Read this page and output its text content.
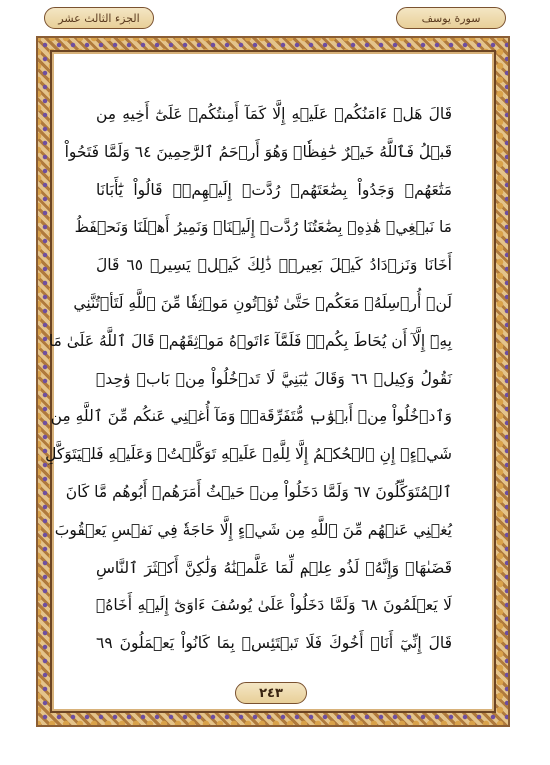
الجزء الثالث عشر	سورة يوسف
قَالَ هَلۡ ءَامَنُكُمۡ عَلَيۡهِ إِلَّا كَمَآ أَمِنتُكُمۡ عَلَىٰٓ أَخِيهِ مِن
قَبۡلُ فَٱللَّهُ خَيۡرٌ حَٰفِظٗاۖ وَهُوَ أَرۡحَمُ ٱلرَّٰحِمِينَ ٦٤ وَلَمَّا فَتَحُواْ
مَتَٰعَهُمۡ وَجَدُواْ بِضَٰعَتَهُمۡ رُدَّتۡ إِلَيۡهِمۡۖ قَالُواْ يَٰٓأَبَانَا
مَا نَبۡغِيۖ هَٰذِهِۦ بِضَٰعَتُنَا رُدَّتۡ إِلَيۡنَاۖ وَنَمِيرُ أَهۡلَنَا وَنَحۡفَظُ
أَخَانَا وَنَزۡدَادُ كَيۡلَ بَعِيرٖۖ ذَٰلِكَ كَيۡلٞ يَسِيرٞ ٦٥ قَالَ
لَنۡ أُرۡسِلَهُۥ مَعَكُمۡ حَتَّىٰ تُؤۡتُونِ مَوۡثِقٗا مِّنَ ٱللَّهِ لَتَأۡتُنَّنِي
بِهِۦٓ إِلَّآ أَن يُحَاطَ بِكُمۡۖ فَلَمَّآ ءَاتَوۡهُ مَوۡثِقَهُمۡ قَالَ ٱللَّهُ عَلَىٰ مَا
نَقُولُ وَكِيلٞ ٦٦ وَقَالَ يَٰبَنِيَّ لَا تَدۡخُلُواْ مِنۢ بَابٖ وَٰحِدٖ
وَٱدۡخُلُواْ مِنۡ أَبۡوَٰبٖ مُّتَفَرِّقَةٖۖ وَمَآ أُغۡنِي عَنكُم مِّنَ ٱللَّهِ مِن
شَيۡءٍۖ إِنِ ٱلۡحُكۡمُ إِلَّا لِلَّهِۖ عَلَيۡهِ تَوَكَّلۡتُۖ وَعَلَيۡهِ فَلۡيَتَوَكَّلِ
ٱلۡمُتَوَكِّلُونَ ٦٧ وَلَمَّا دَخَلُواْ مِنۡ حَيۡثُ أَمَرَهُمۡ أَبُوهُم مَّا كَانَ
يُغۡنِي عَنۡهُم مِّنَ ٱللَّهِ مِن شَيۡءٍ إِلَّا حَاجَةٗ فِي نَفۡسِ يَعۡقُوبَ
قَضَىٰهَاۚ وَإِنَّهُۥ لَذُو عِلۡمٖ لِّمَا عَلَّمۡنَٰهُ وَلَٰكِنَّ أَكۡثَرَ ٱلنَّاسِ
لَا يَعۡلَمُونَ ٦٨ وَلَمَّا دَخَلُواْ عَلَىٰ يُوسُفَ ءَاوَىٰٓ إِلَيۡهِ أَخَاهُۖ
قَالَ إِنِّيٓ أَنَا۠ أَخُوكَ فَلَا تَبۡتَئِسۡ بِمَا كَانُواْ يَعۡمَلُونَ ٦٩
٢٤٣
